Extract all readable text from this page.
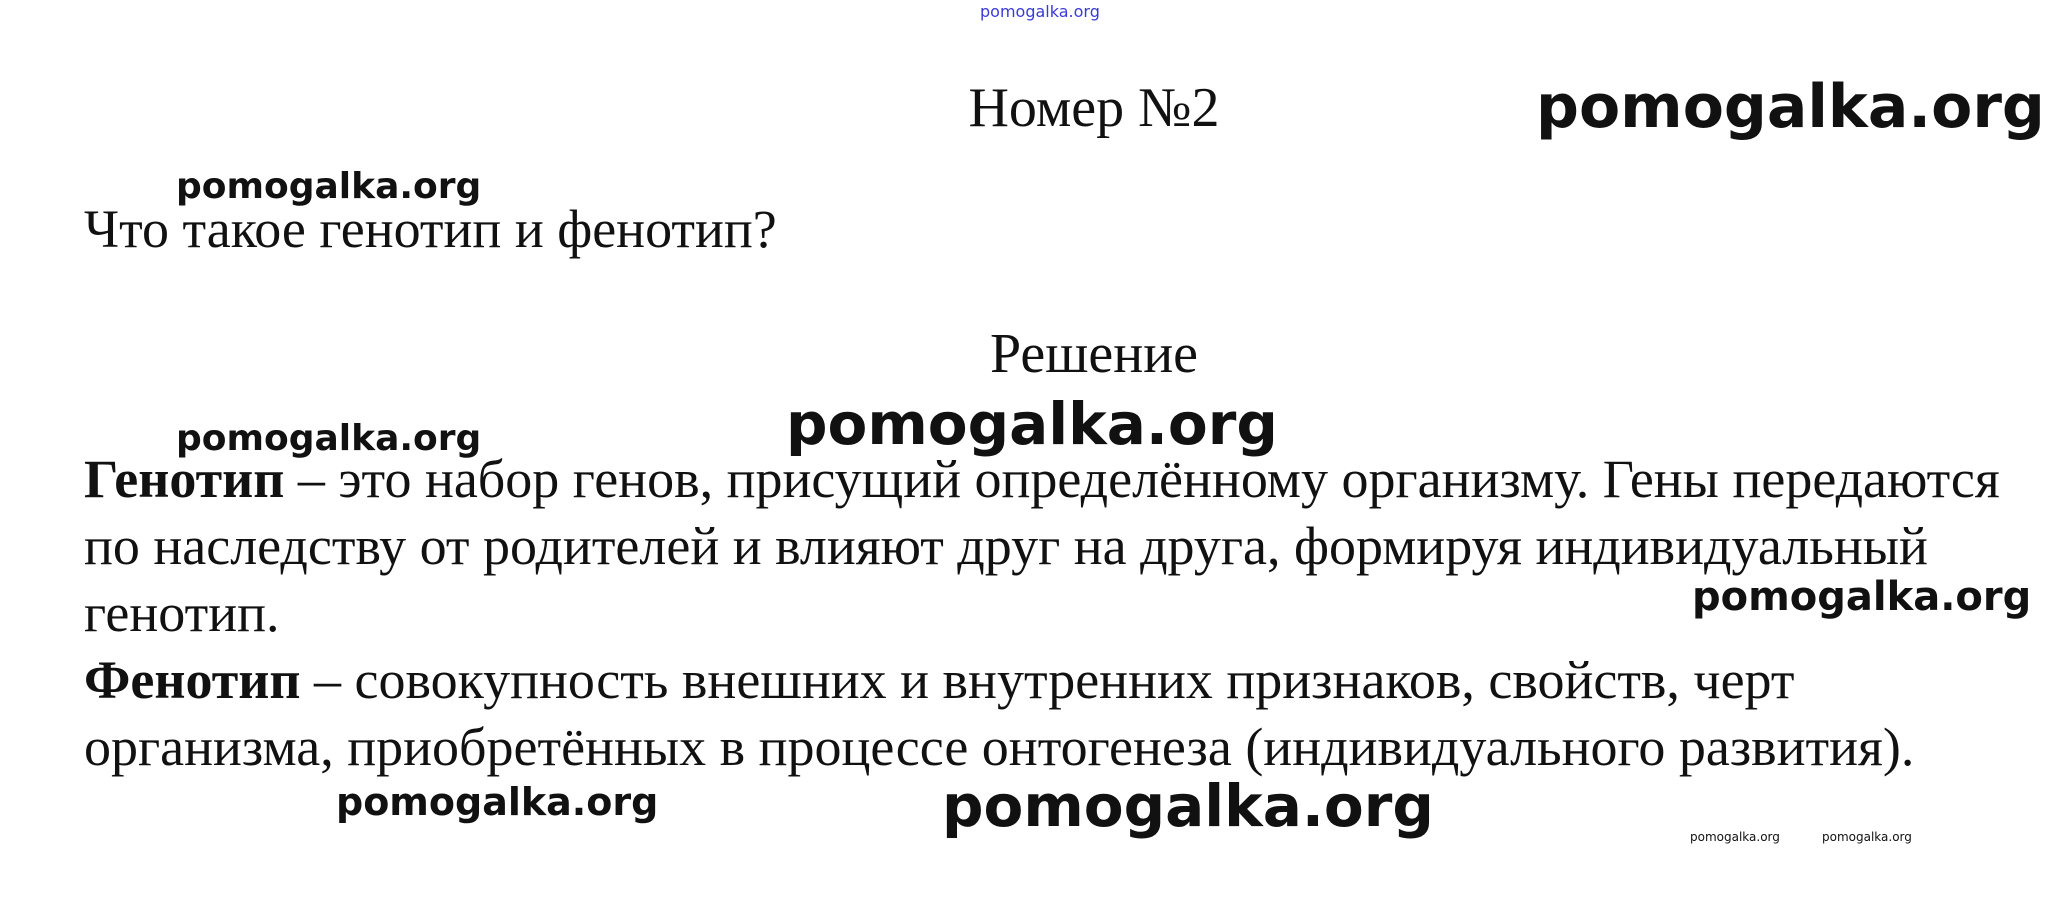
pomogalka.org
pomogalka.org
pomogalka.org
pomogalka.org	pomogalka.org
Номер №2
Что такое генотип и фенотип?
Решение

Генотип – это набор генов, присущий определённому организму. Гены передаются по наследству от родителей и влияют друг на друга, формируя индивидуальный генотип.

Фенотип – совокупность внешних и внутренних признаков, свойств, черт организма, приобретённых в процессе онтогенеза (индивидуального развития).

pomogalka.org
pomogalka.org	pomogalka.org	pomogalka.org	pomogalka.org
